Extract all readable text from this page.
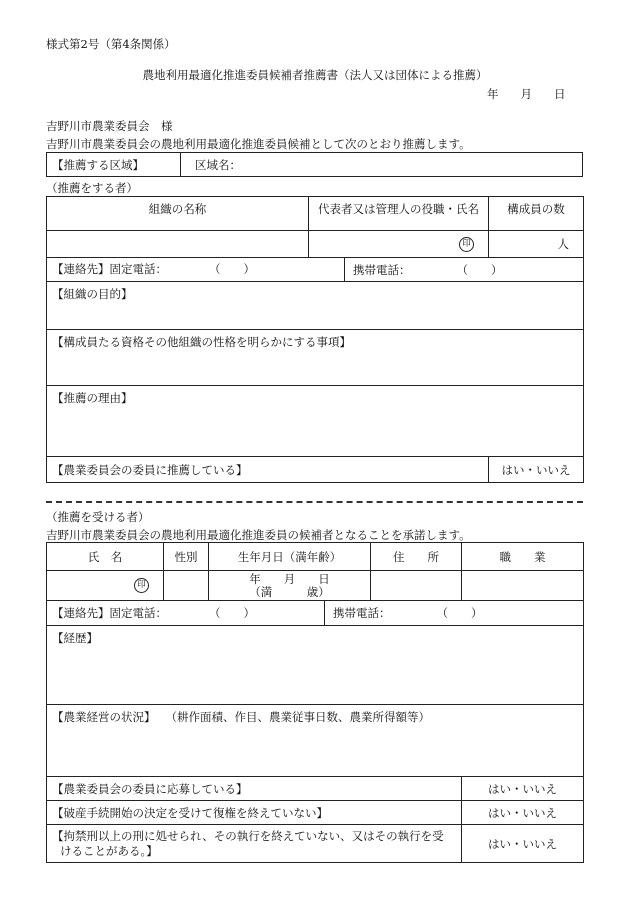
様式第2号（第4条関係）
農地利用最適化推進委員候補者推薦書（法人又は団体による推薦）
年 月 日
吉野川市農業委員会　様
吉野川市農業委員会の農地利用最適化推進委員候補として次のとおり推薦します。
【推薦する区域】	区域名：
（推薦をする者）
組織の名称	代表者又は管理人の役職・氏名	構成員の数
	印	人

【連絡先】固定電話： （　　） 携帯電話： （　　）		

【組織の目的】		
【構成員たる資格その他組織の性格を明らかにする事項】		
【推薦の理由】		
【農業委員会の委員に推薦している】		はい・いいえ
（推薦を受ける者）
吉野川市農業委員会の農地利用最適化推進委員の候補者となることを承諾します。
氏　名	性別	生年月日（満年齢）	住　　所	職　　業
印		年　　月　　日
（満　　　歳）		

【連絡先】固定電話： （　　） 携帯電話： （　　）				

【経歴】				
【農業経営の状況】 （耕作面積、作目、農業従事日数、農業所得額等）				
【農業委員会の委員に応募している】				はい・いいえ
【破産手続開始の決定を受けて復権を終えていない】				はい・いいえ
【拘禁刑以上の刑に処せられ、その執行を終えていない、又はその執行を受けることがある。】				はい・いいえ
